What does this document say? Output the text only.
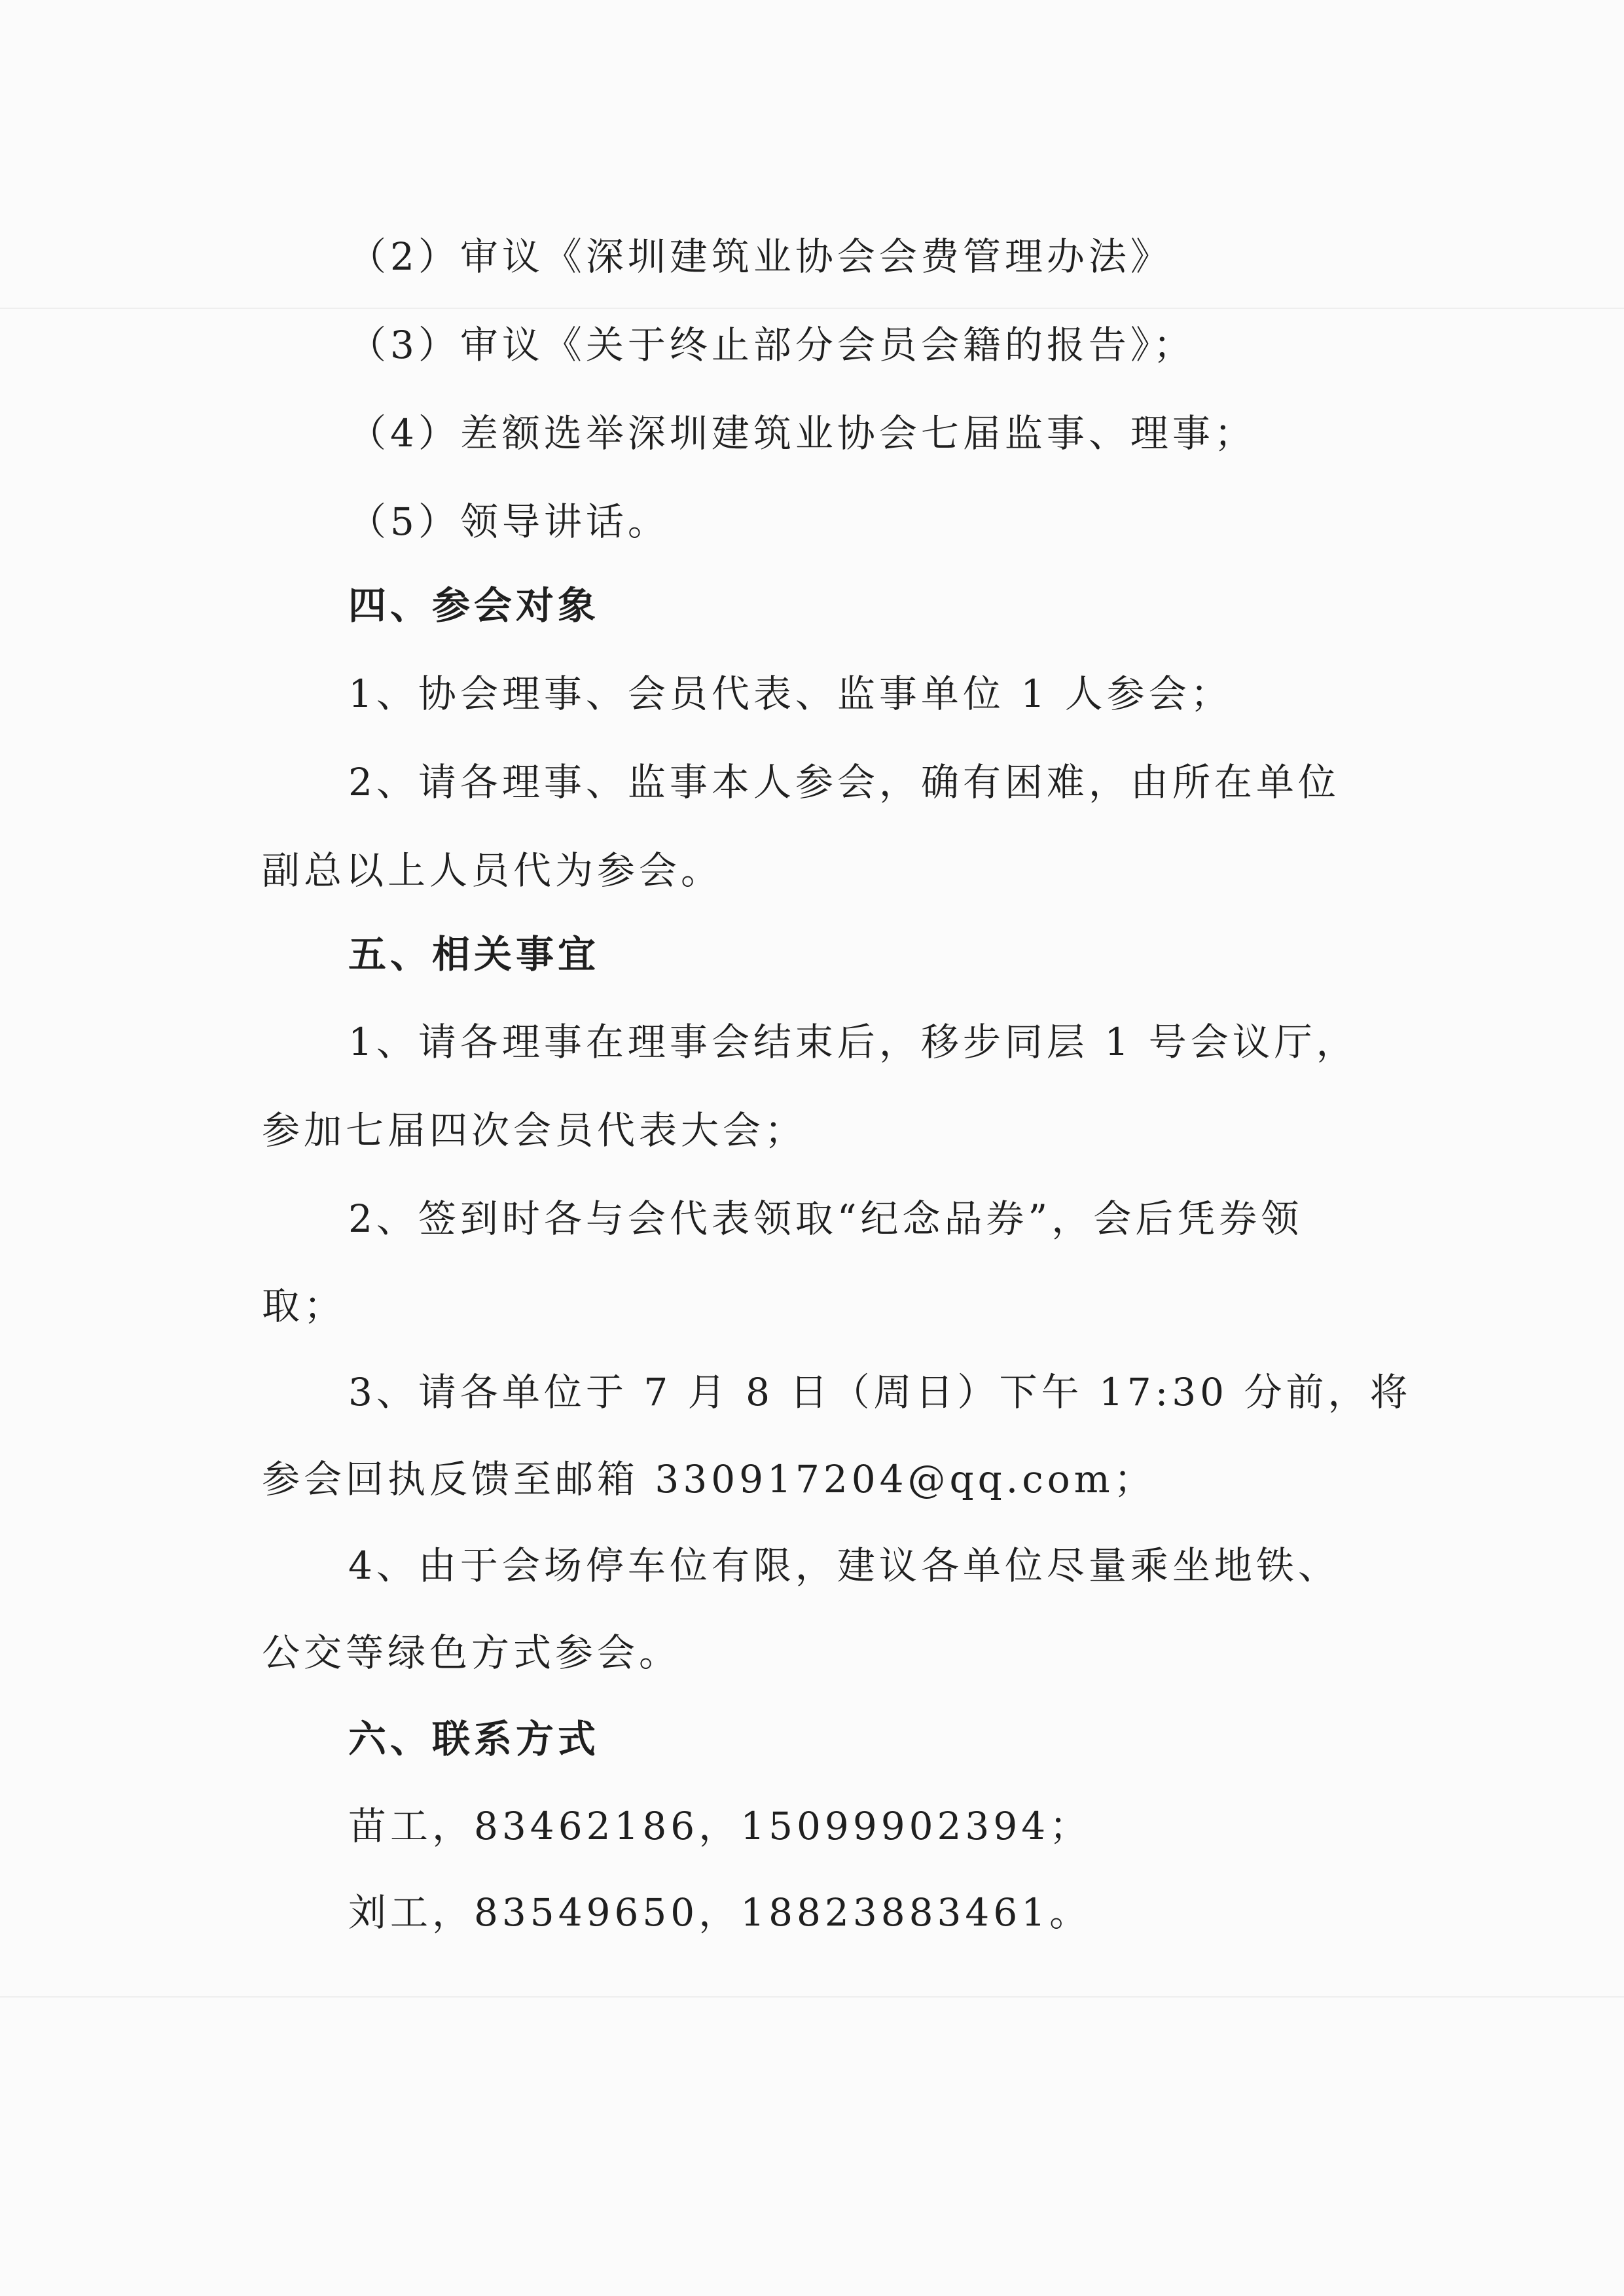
（2）审议《深圳建筑业协会会费管理办法》
（3）审议《关于终止部分会员会籍的报告》；
（4）差额选举深圳建筑业协会七届监事、理事；
（5）领导讲话。
四、参会对象
1、协会理事、会员代表、监事单位 1 人参会；
2、请各理事、监事本人参会，确有困难，由所在单位
副总以上人员代为参会。
五、相关事宜
1、请各理事在理事会结束后，移步同层 1 号会议厅，
参加七届四次会员代表大会；
2、签到时各与会代表领取“纪念品券”，会后凭券领
取；
3、请各单位于 7 月 8 日（周日）下午 17:30 分前，将
参会回执反馈至邮箱 330917204@qq.com；
4、由于会场停车位有限，建议各单位尽量乘坐地铁、
公交等绿色方式参会。
六、联系方式
苗工，83462186，15099902394；
刘工，83549650，18823883461。
